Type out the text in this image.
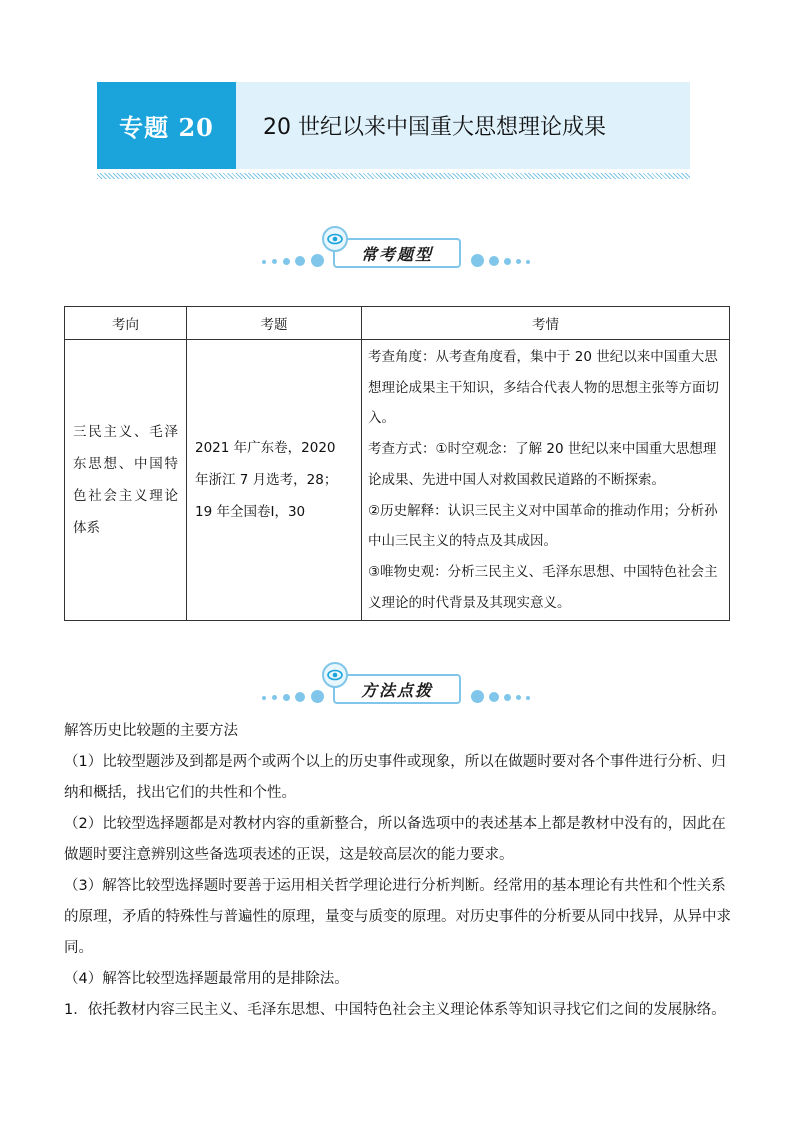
专题 20	20 世纪以来中国重大思想理论成果
常考题型
考向	考题	考情
三民主义、毛泽东思想、中国特色社会主义理论体系	2021 年广东卷，2020 年浙江 7 月选考，28；19 年全国卷Ⅰ，30	考查角度：从考查角度看，集中于 20 世纪以来中国重大思想理论成果主干知识，多结合代表人物的思想主张等方面切入。
考查方式：①时空观念：了解 20 世纪以来中国重大思想理论成果、先进中国人对救国救民道路的不断探索。
②历史解释：认识三民主义对中国革命的推动作用；分析孙中山三民主义的特点及其成因。
③唯物史观：分析三民主义、毛泽东思想、中国特色社会主义理论的时代背景及其现实意义。
方法点拨

解答历史比较题的主要方法

（1）比较型题涉及到都是两个或两个以上的历史事件或现象，所以在做题时要对各个事件进行分析、归纳和概括，找出它们的共性和个性。

（2）比较型选择题都是对教材内容的重新整合，所以备选项中的表述基本上都是教材中没有的，因此在做题时要注意辨别这些备选项表述的正误，这是较高层次的能力要求。

（3）解答比较型选择题时要善于运用相关哲学理论进行分析判断。经常用的基本理论有共性和个性关系的原理，矛盾的特殊性与普遍性的原理，量变与质变的原理。对历史事件的分析要从同中找异，从异中求同。

（4）解答比较型选择题最常用的是排除法。

1．依托教材内容三民主义、毛泽东思想、中国特色社会主义理论体系等知识寻找它们之间的发展脉络。
